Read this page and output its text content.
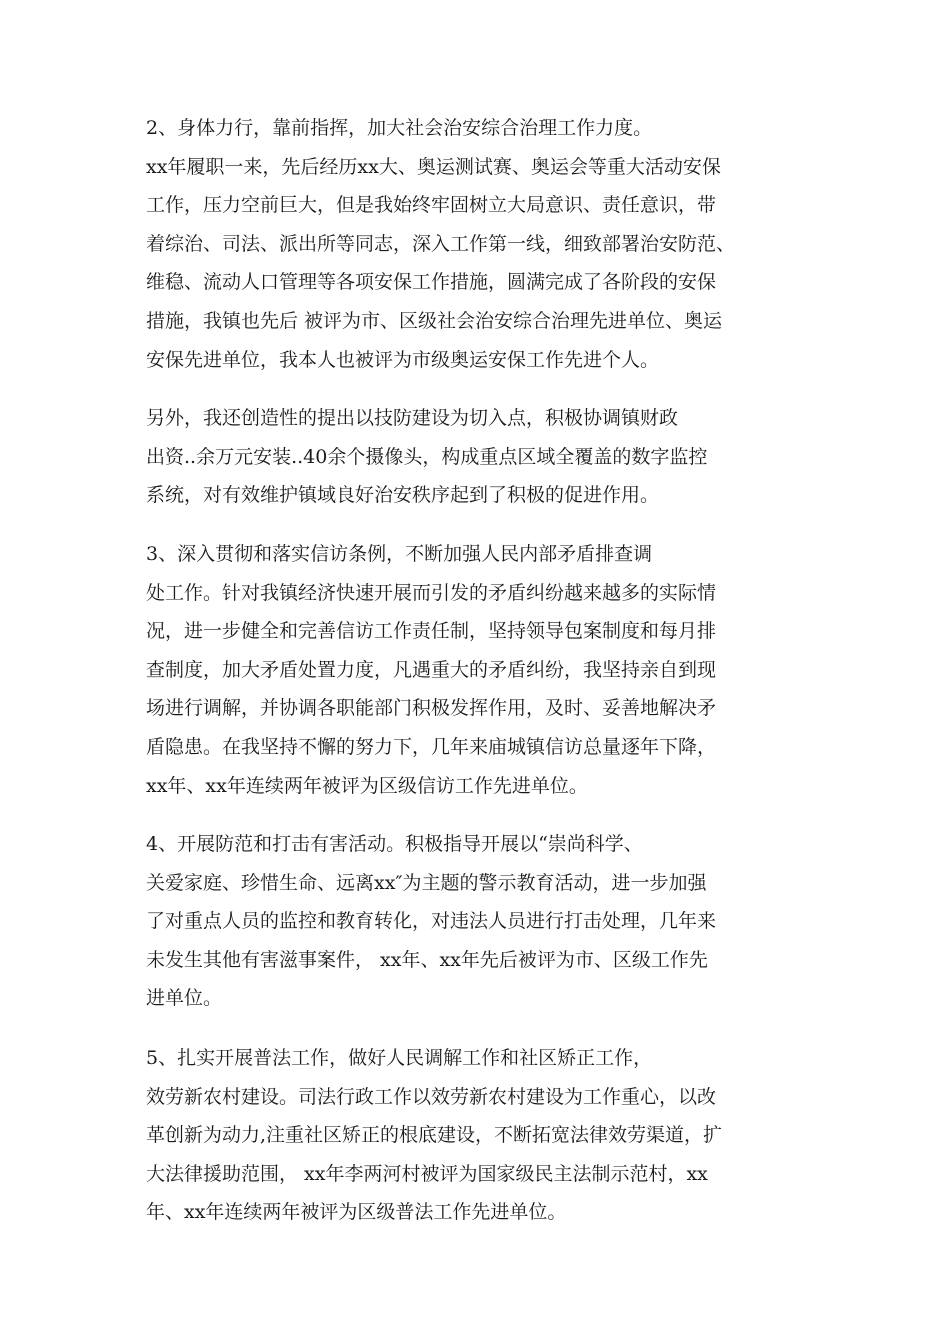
2、身体力行，靠前指挥，加大社会治安综合治理工作力度。
xx年履职一来，先后经历xx大、奥运测试赛、奥运会等重大活动安保
工作，压力空前巨大，但是我始终牢固树立大局意识、责任意识，带
着综治、司法、派出所等同志，深入工作第一线，细致部署治安防范、
维稳、流动人口管理等各项安保工作措施，圆满完成了各阶段的安保
措施，我镇也先后 被评为市、区级社会治安综合治理先进单位、奥运
安保先进单位，我本人也被评为市级奥运安保工作先进个人。

另外，我还创造性的提出以技防建设为切入点，积极协调镇财政
出资..余万元安装..40余个摄像头，构成重点区域全覆盖的数字监控
系统，对有效维护镇域良好治安秩序起到了积极的促进作用。

3、深入贯彻和落实信访条例，不断加强人民内部矛盾排查调
处工作。针对我镇经济快速开展而引发的矛盾纠纷越来越多的实际情
况，进一步健全和完善信访工作责任制，坚持领导包案制度和每月排
查制度，加大矛盾处置力度，凡遇重大的矛盾纠纷，我坚持亲自到现
场进行调解，并协调各职能部门积极发挥作用，及时、妥善地解决矛
盾隐患。在我坚持不懈的努力下，几年来庙城镇信访总量逐年下降，
xx年、xx年连续两年被评为区级信访工作先进单位。

4、开展防范和打击有害活动。积极指导开展以“崇尚科学、
关爱家庭、珍惜生命、远离xx″为主题的警示教育活动，进一步加强
了对重点人员的监控和教育转化，对违法人员进行打击处理，几年来
未发生其他有害滋事案件， xx年、xx年先后被评为市、区级工作先
进单位。

5、扎实开展普法工作，做好人民调解工作和社区矫正工作，
效劳新农村建设。司法行政工作以效劳新农村建设为工作重心，以改
革创新为动力,注重社区矫正的根底建设，不断拓宽法律效劳渠道，扩
大法律援助范围， xx年李两河村被评为国家级民主法制示范村，xx
年、xx年连续两年被评为区级普法工作先进单位。
